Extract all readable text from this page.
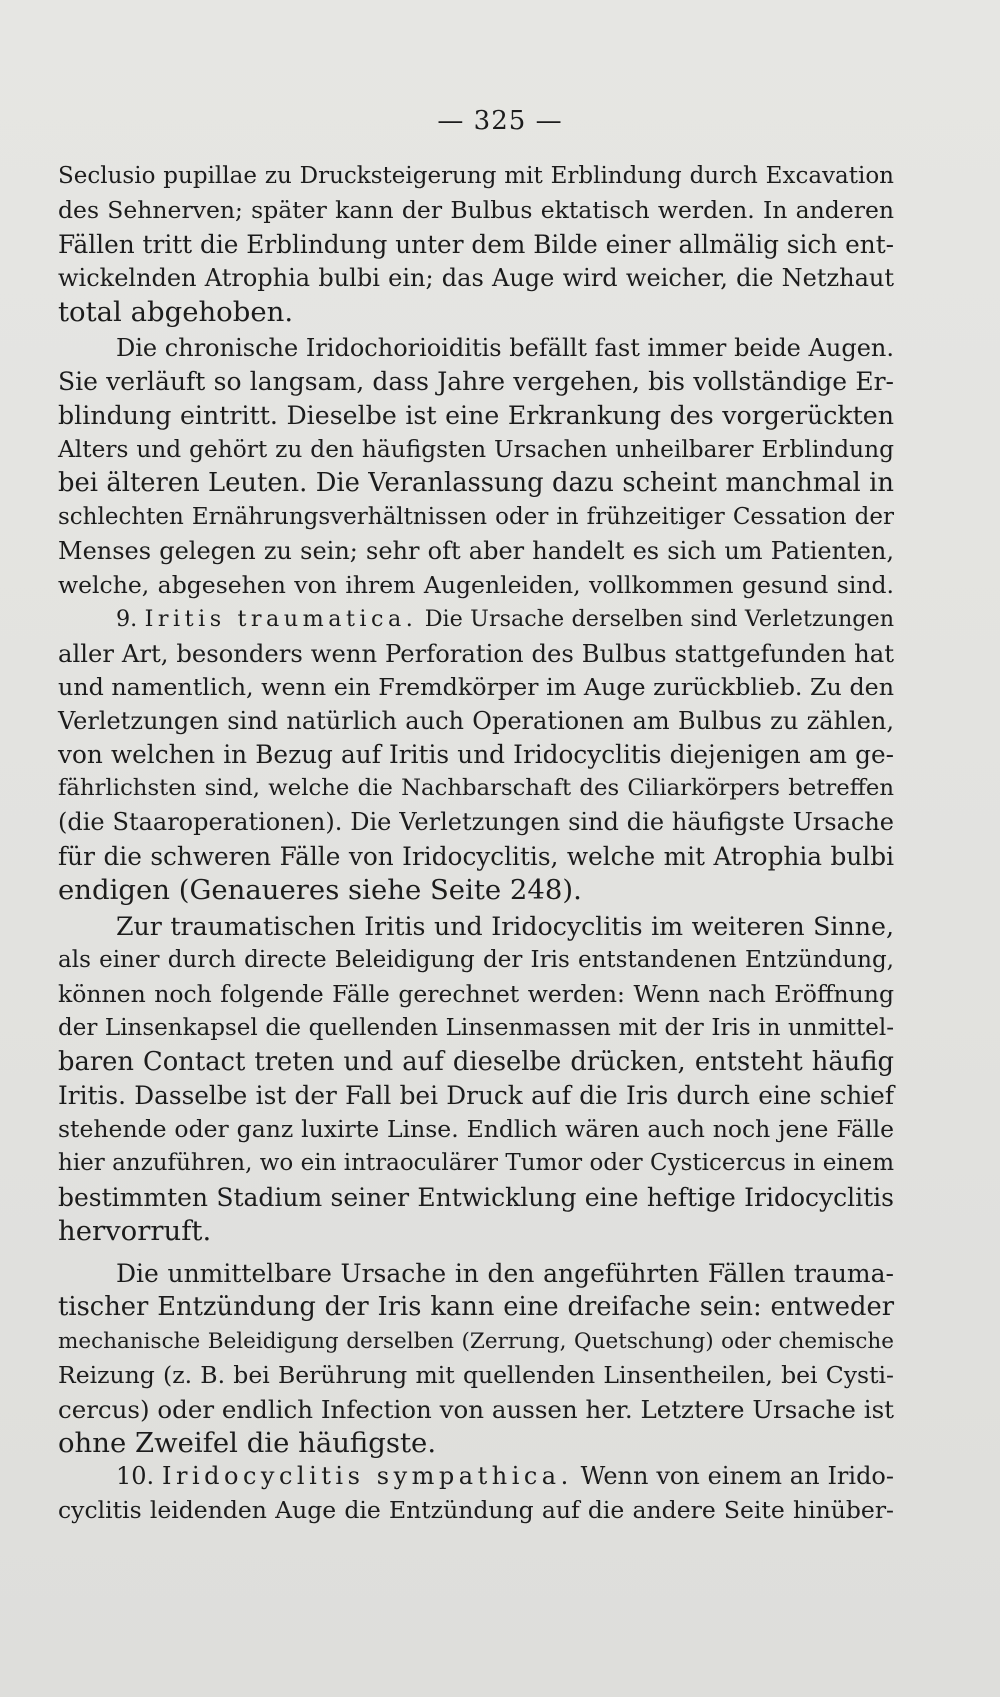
— 325 —

Seclusio pupillae zu Drucksteigerung mit Erblindung durch Excavation
des Sehnerven; später kann der Bulbus ektatisch werden. In anderen
Fällen tritt die Erblindung unter dem Bilde einer allmälig sich ent-
wickelnden Atrophia bulbi ein; das Auge wird weicher, die Netzhaut
total abgehoben.

Die chronische Iridochorioiditis befällt fast immer beide Augen.
Sie verläuft so langsam, dass Jahre vergehen, bis vollständige Er-
blindung eintritt. Dieselbe ist eine Erkrankung des vorgerückten
Alters und gehört zu den häufigsten Ursachen unheilbarer Erblindung
bei älteren Leuten. Die Veranlassung dazu scheint manchmal in
schlechten Ernährungsverhältnissen oder in frühzeitiger Cessation der
Menses gelegen zu sein; sehr oft aber handelt es sich um Patienten,
welche, abgesehen von ihrem Augenleiden, vollkommen gesund sind.

9. Iritis traumatica. Die Ursache derselben sind Verletzungen
aller Art, besonders wenn Perforation des Bulbus stattgefunden hat
und namentlich, wenn ein Fremdkörper im Auge zurückblieb. Zu den
Verletzungen sind natürlich auch Operationen am Bulbus zu zählen,
von welchen in Bezug auf Iritis und Iridocyclitis diejenigen am ge-
fährlichsten sind, welche die Nachbarschaft des Ciliarkörpers betreffen
(die Staaroperationen). Die Verletzungen sind die häufigste Ursache
für die schweren Fälle von Iridocyclitis, welche mit Atrophia bulbi
endigen (Genaueres siehe Seite 248).

Zur traumatischen Iritis und Iridocyclitis im weiteren Sinne,
als einer durch directe Beleidigung der Iris entstandenen Entzündung,
können noch folgende Fälle gerechnet werden: Wenn nach Eröffnung
der Linsenkapsel die quellenden Linsenmassen mit der Iris in unmittel-
baren Contact treten und auf dieselbe drücken, entsteht häufig
Iritis. Dasselbe ist der Fall bei Druck auf die Iris durch eine schief
stehende oder ganz luxirte Linse. Endlich wären auch noch jene Fälle
hier anzuführen, wo ein intraoculärer Tumor oder Cysticercus in einem
bestimmten Stadium seiner Entwicklung eine heftige Iridocyclitis
hervorruft.

Die unmittelbare Ursache in den angeführten Fällen trauma-
tischer Entzündung der Iris kann eine dreifache sein: entweder
mechanische Beleidigung derselben (Zerrung, Quetschung) oder chemische
Reizung (z. B. bei Berührung mit quellenden Linsentheilen, bei Cysti-
cercus) oder endlich Infection von aussen her. Letztere Ursache ist
ohne Zweifel die häufigste.

10. Iridocyclitis sympathica. Wenn von einem an Irido-
cyclitis leidenden Auge die Entzündung auf die andere Seite hinüber-
